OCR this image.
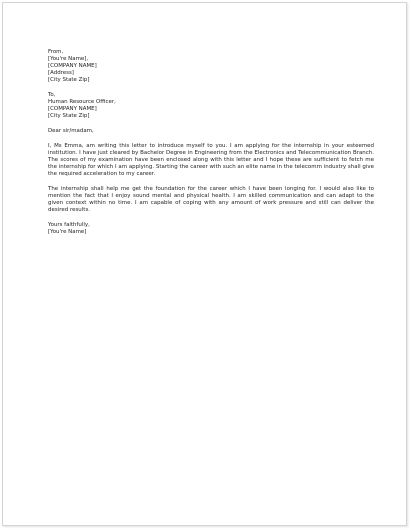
From,
[You're Name],
[COMPANY NAME]
[Address]
[City State Zip]
To,
Human Resource Officer,
[COMPANY NAME]
[City State Zip]
Dear sir/madam,

I, Ms Emma, am writing this letter to introduce myself to you. I am applying for the internship in your esteemed institution. I have just cleared by Bachelor Degree in Engineering from the Electronics and Telecommunication Branch. The scores of my examination have been enclosed along with this letter and I hope these are sufficient to fetch me the internship for which I am applying. Starting the career with such an elite name in the telecomm industry shall give the required acceleration to my career.

The internship shall help me get the foundation for the career which I have been longing for. I would also like to mention the fact that I enjoy sound mental and physical health. I am skilled communication and can adapt to the given context within no time. I am capable of coping with any amount of work pressure and still can deliver the desired results.

Yours faithfully,
[You're Name]
